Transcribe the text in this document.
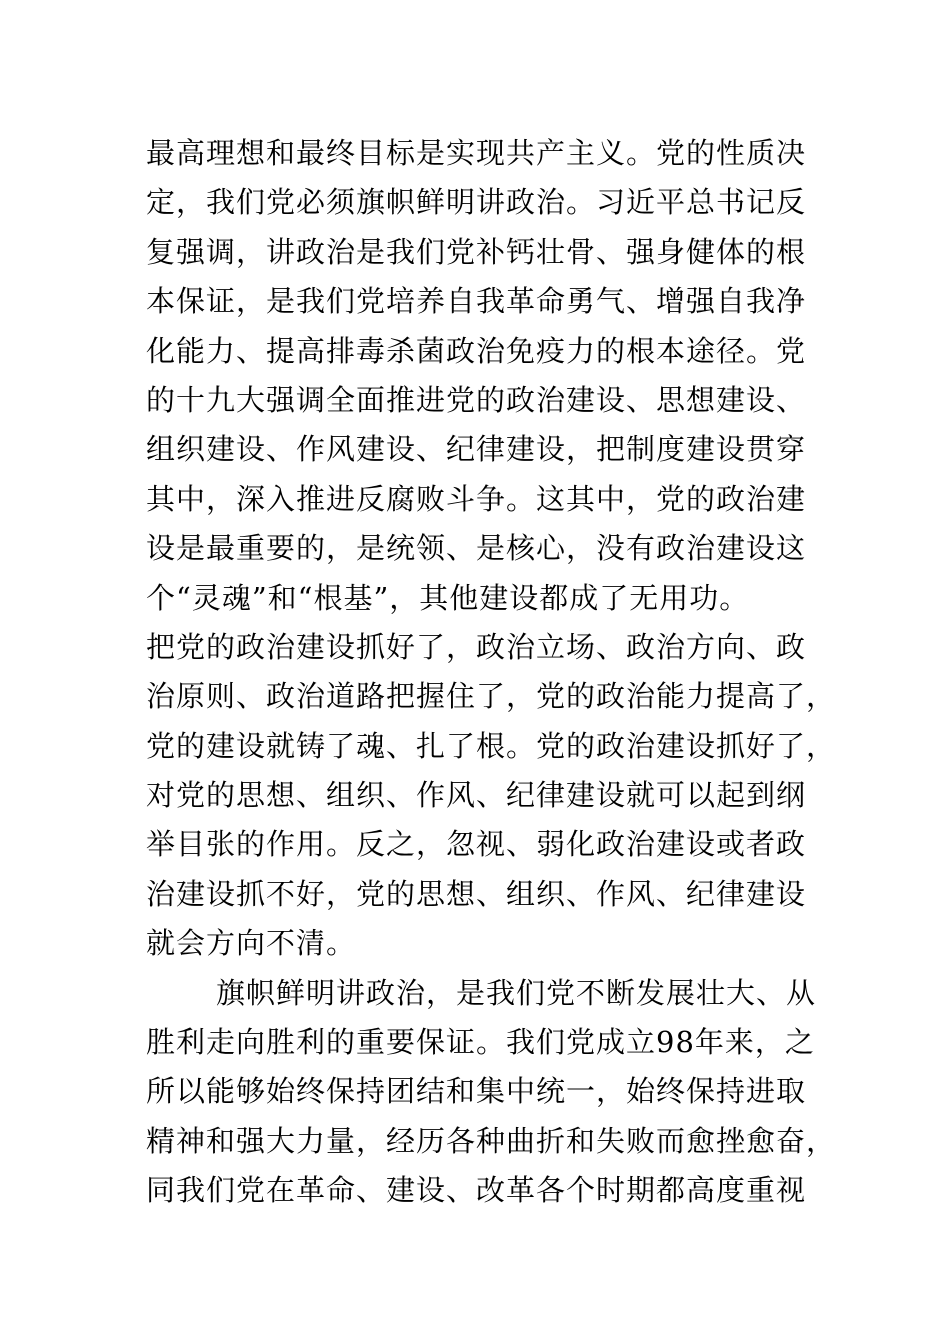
最高理想和最终目标是实现共产主义。党的性质决
定，我们党必须旗帜鲜明讲政治。习近平总书记反
复强调，讲政治是我们党补钙壮骨、强身健体的根
本保证，是我们党培养自我革命勇气、增强自我净
化能力、提高排毒杀菌政治免疫力的根本途径。党
的十九大强调全面推进党的政治建设、思想建设、
组织建设、作风建设、纪律建设，把制度建设贯穿
其中，深入推进反腐败斗争。这其中，党的政治建
设是最重要的，是统领、是核心，没有政治建设这
个“灵魂”和“根基”，其他建设都成了无用功。
把党的政治建设抓好了，政治立场、政治方向、政
治原则、政治道路把握住了，党的政治能力提高了，
党的建设就铸了魂、扎了根。党的政治建设抓好了，
对党的思想、组织、作风、纪律建设就可以起到纲
举目张的作用。反之，忽视、弱化政治建设或者政
治建设抓不好，党的思想、组织、作风、纪律建设
就会方向不清。
旗帜鲜明讲政治，是我们党不断发展壮大、从
胜利走向胜利的重要保证。我们党成立98年来，之
所以能够始终保持团结和集中统一，始终保持进取
精神和强大力量，经历各种曲折和失败而愈挫愈奋，
同我们党在革命、建设、改革各个时期都高度重视
